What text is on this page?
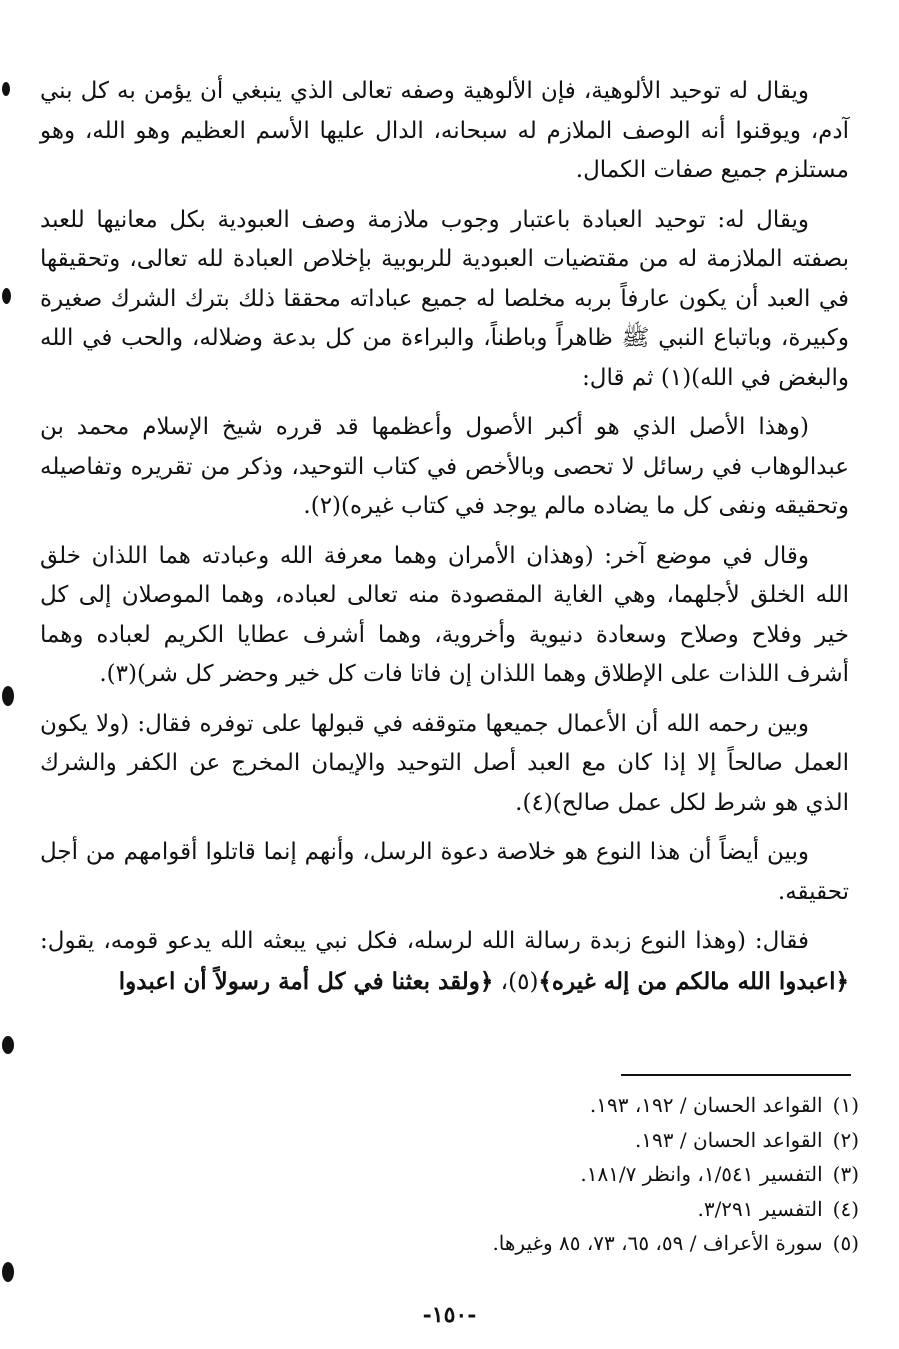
ويقال له توحيد الألوهية، فإن الألوهية وصفه تعالى الذي ينبغي أن يؤمن به كل بني آدم، ويوقنوا أنه الوصف الملازم له سبحانه، الدال عليها الأسم العظيم وهو الله، وهو مستلزم جميع صفات الكمال.

ويقال له: توحيد العبادة باعتبار وجوب ملازمة وصف العبودية بكل معانيها للعبد بصفته الملازمة له من مقتضيات العبودية للربوبية بإخلاص العبادة لله تعالى، وتحقيقها في العبد أن يكون عارفاً بربه مخلصا له جميع عباداته محققا ذلك بترك الشرك صغيرة وكبيرة، وباتباع النبي ﷺ ظاهراً وباطناً، والبراءة من كل بدعة وضلاله، والحب في الله والبغض في الله)(١) ثم قال:

(وهذا الأصل الذي هو أكبر الأصول وأعظمها قد قرره شيخ الإسلام محمد بن عبدالوهاب في رسائل لا تحصى وبالأخص في كتاب التوحيد، وذكر من تقريره وتفاصيله وتحقيقه ونفى كل ما يضاده مالم يوجد في كتاب غيره)(٢).

وقال في موضع آخر: (وهذان الأمران وهما معرفة الله وعبادته هما اللذان خلق الله الخلق لأجلهما، وهي الغاية المقصودة منه تعالى لعباده، وهما الموصلان إلى كل خير وفلاح وصلاح وسعادة دنيوية وأخروية، وهما أشرف عطايا الكريم لعباده وهما أشرف اللذات على الإطلاق وهما اللذان إن فاتا فات كل خير وحضر كل شر)(٣).

وبين رحمه الله أن الأعمال جميعها متوقفه في قبولها على توفره فقال: (ولا يكون العمل صالحاً إلا إذا كان مع العبد أصل التوحيد والإيمان المخرج عن الكفر والشرك الذي هو شرط لكل عمل صالح)(٤).

وبين أيضاً أن هذا النوع هو خلاصة دعوة الرسل، وأنهم إنما قاتلوا أقوامهم من أجل تحقيقه.

فقال: (وهذا النوع زبدة رسالة الله لرسله، فكل نبي يبعثه الله يدعو قومه، يقول: ﴿اعبدوا الله مالكم من إله غيره﴾(٥)، ﴿ولقد بعثنا في كل أمة رسولاً أن اعبدوا

(١)القواعد الحسان / ١٩٢، ١٩٣.
(٢)القواعد الحسان / ١٩٣.
(٣)التفسير ١/٥٤١، وانظر ١٨١/٧.
(٤)التفسير ٣/٢٩١.
(٥)سورة الأعراف / ٥٩، ٦٥، ٧٣، ٨٥ وغيرها.
-١٥٠-
